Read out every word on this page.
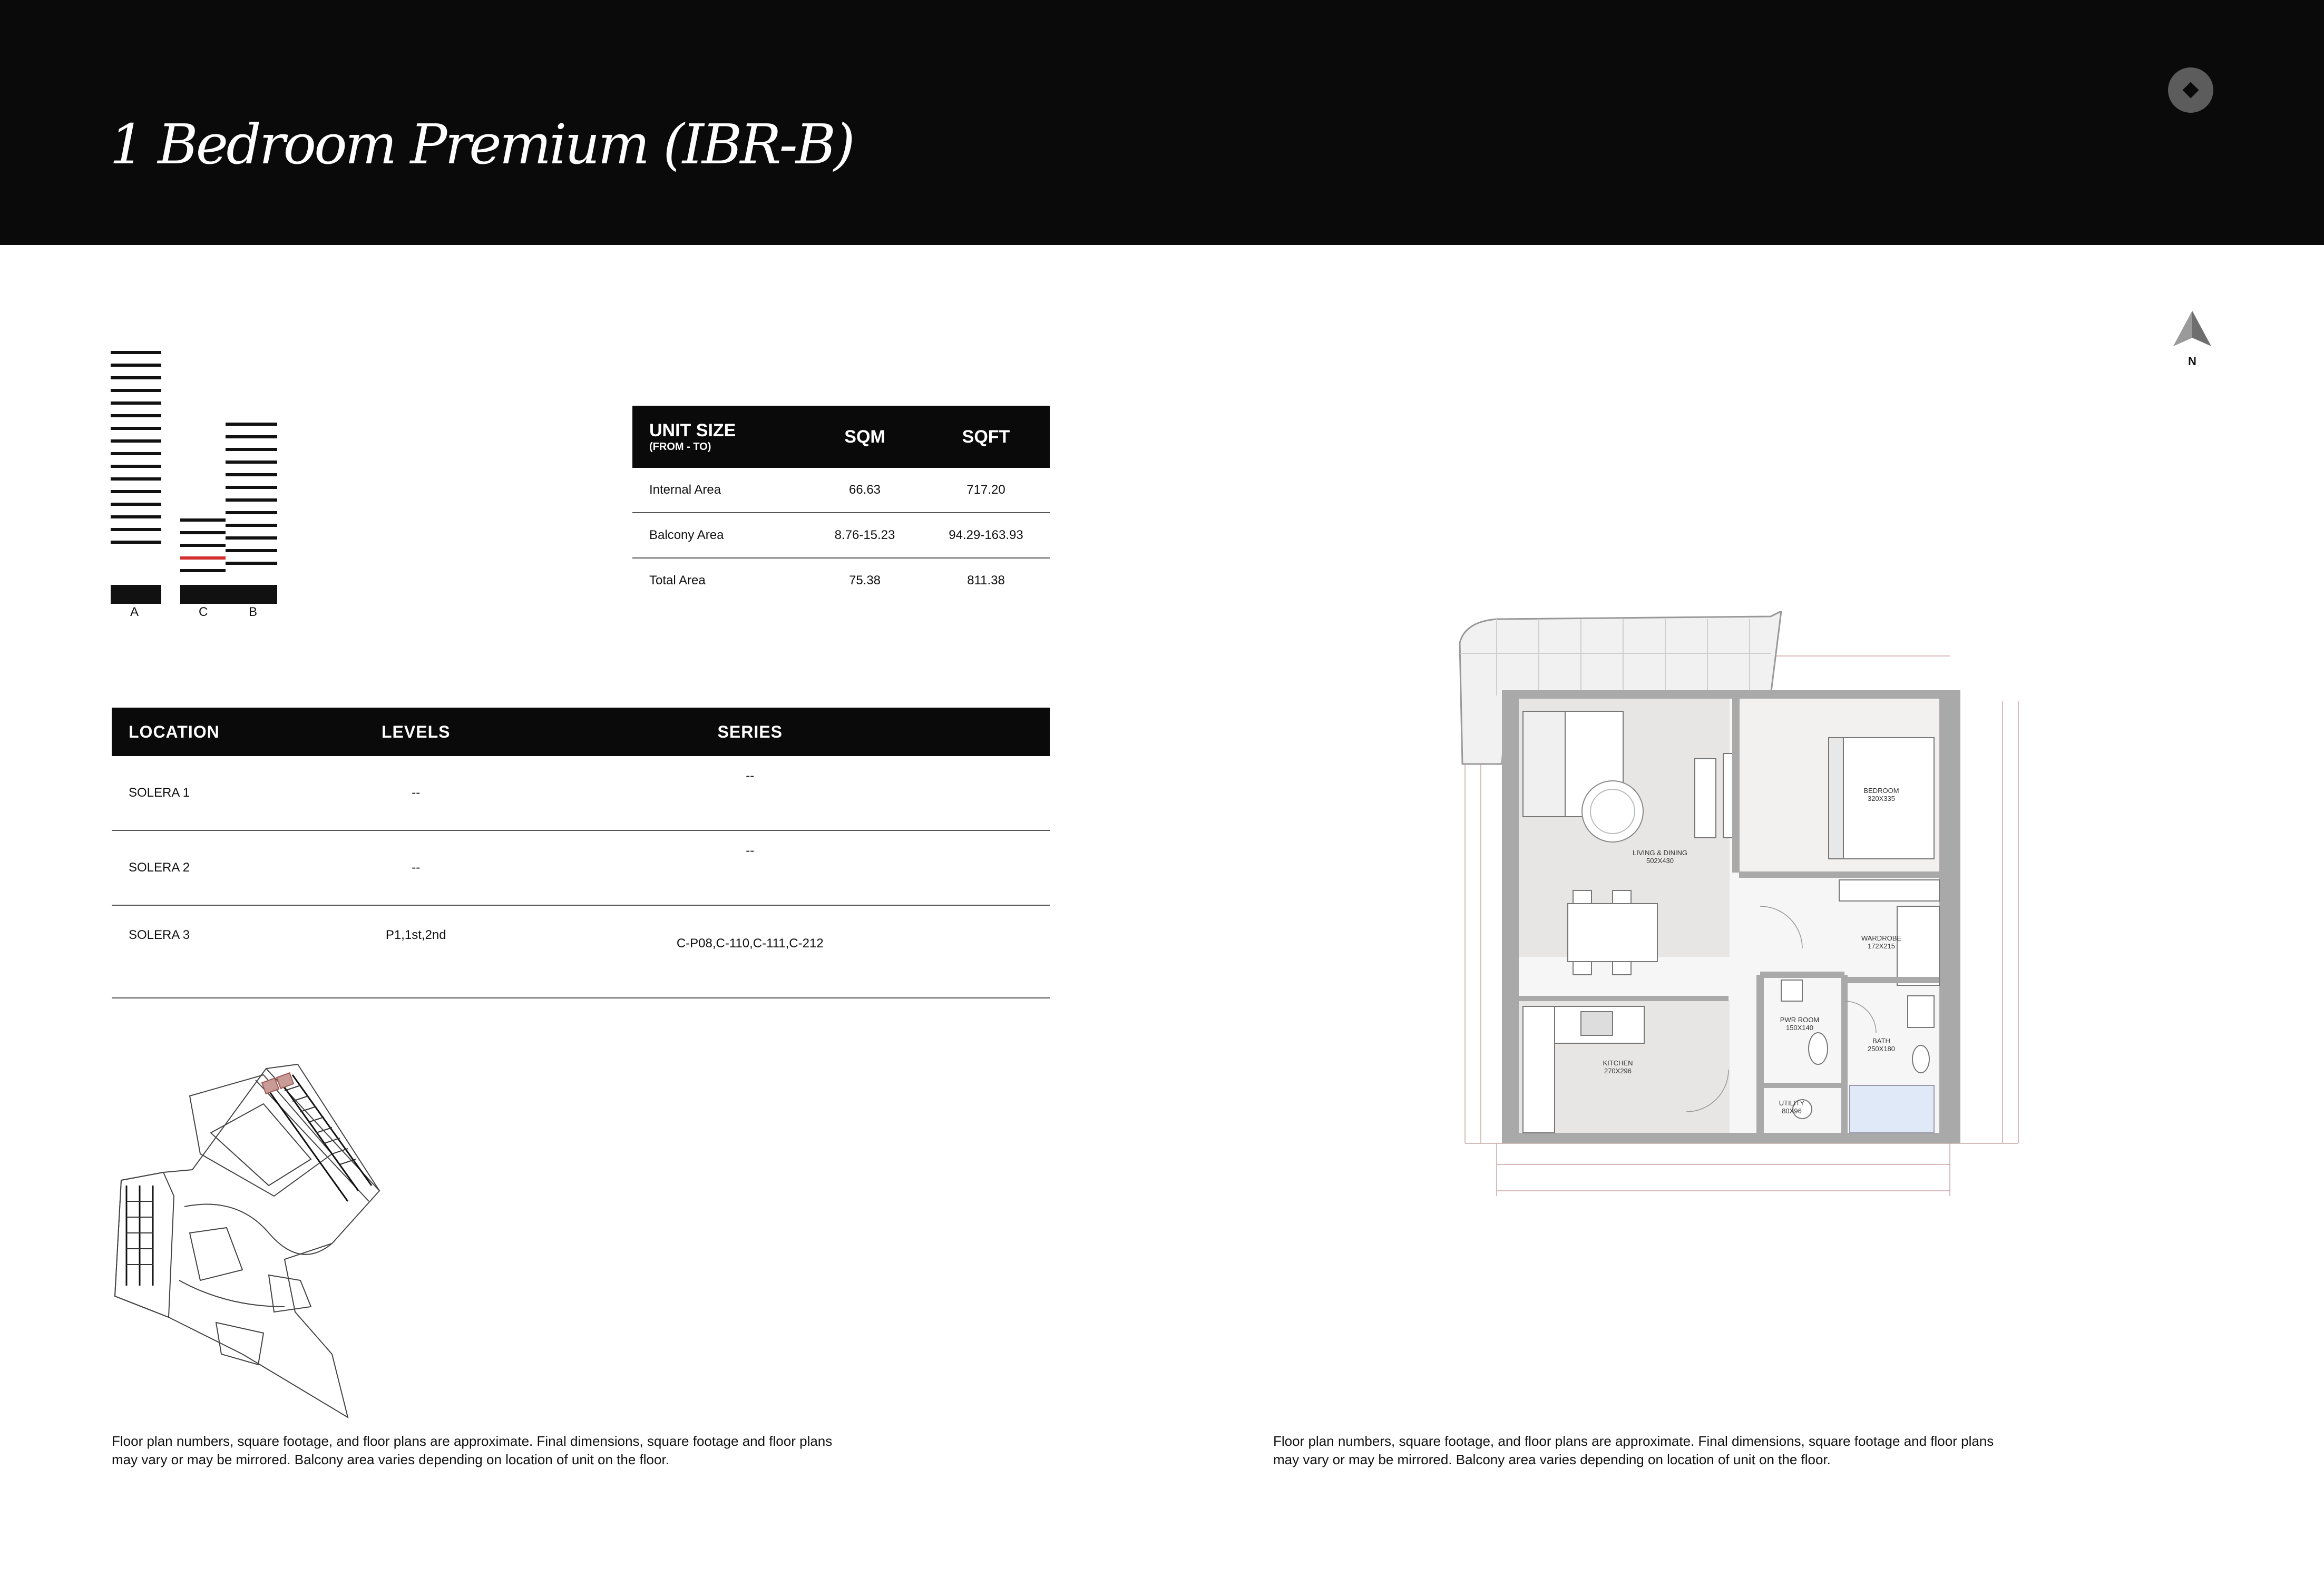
1 Bedroom Premium (IBR-B)
N
A	C	B
UNIT SIZE
(FROM - TO)	SQM	SQFT
Internal Area	66.63	717.20
Balcony Area	8.76-15.23	94.29-163.93
Total Area	75.38	811.38
LOCATION	LEVELS	SERIES
SOLERA 1	--	--
SOLERA 2	--	--
SOLERA 3	P1,1st,2nd	C-P08,C-110,C-111,C-212
LIVING & DINING
502X430
BEDROOM
320X335
WARDROBE
172X215
PWR ROOM
150X140
BATH
250X180
KITCHEN
270X296
UTILITY
80X96
Floor plan numbers, square footage, and floor plans are approximate. Final dimensions, square footage and floor plans may vary or may be mirrored. Balcony area varies depending on location of unit on the floor.
Floor plan numbers, square footage, and floor plans are approximate. Final dimensions, square footage and floor plans may vary or may be mirrored. Balcony area varies depending on location of unit on the floor.
